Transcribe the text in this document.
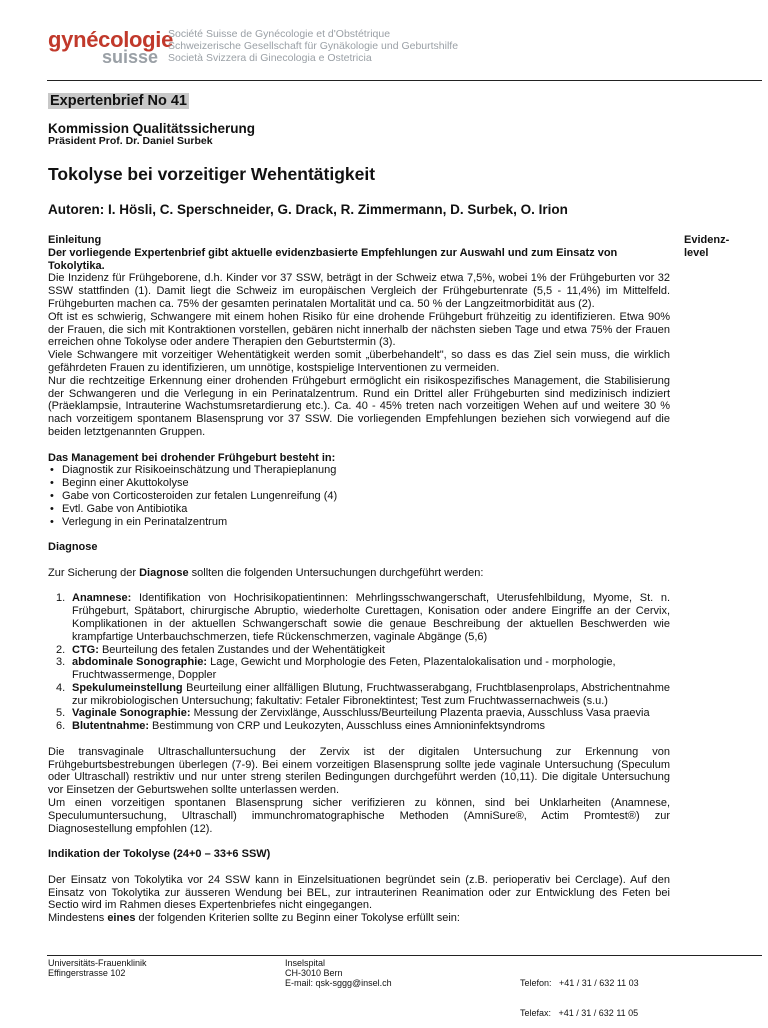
gynécologie
suisse
Société Suisse de Gynécologie et d'Obstétrique
Schweizerische Gesellschaft für Gynäkologie und Geburtshilfe
Società Svizzera di Ginecologia e Ostetricia
Expertenbrief No 41
Kommission Qualitätssicherung
Präsident Prof. Dr. Daniel Surbek
Tokolyse bei vorzeitiger Wehentätigkeit
Autoren: I. Hösli, C. Sperschneider, G. Drack, R. Zimmermann, D. Surbek, O. Irion
Evidenz-level

Einleitung

Der vorliegende Expertenbrief gibt aktuelle evidenzbasierte Empfehlungen zur Auswahl und zum Einsatz von Tokolytika.

Die Inzidenz für Frühgeborene, d.h. Kinder vor 37 SSW, beträgt in der Schweiz etwa 7,5%, wobei 1% der Frühgeburten vor 32 SSW stattfinden (1). Damit liegt die Schweiz im europäischen Vergleich der Frühgeburtenrate (5,5 - 11,4%) im Mittelfeld. Frühgeburten machen ca. 75% der gesamten perinatalen Mortalität und ca. 50 % der Langzeitmorbidität aus (2).

Oft ist es schwierig, Schwangere mit einem hohen Risiko für eine drohende Frühgeburt frühzeitig zu identifizieren. Etwa 90% der Frauen, die sich mit Kontraktionen vorstellen, gebären nicht innerhalb der nächsten sieben Tage und etwa 75% der Frauen erreichen ohne Tokolyse oder andere Therapien den Geburtstermin (3).

Viele Schwangere mit vorzeitiger Wehentätigkeit werden somit „überbehandelt", so dass es das Ziel sein muss, die wirklich gefährdeten Frauen zu identifizieren, um unnötige, kostspielige Interventionen zu vermeiden.

Nur die rechtzeitige Erkennung einer drohenden Frühgeburt ermöglicht ein risikospezifisches Management, die Stabilisierung der Schwangeren und die Verlegung in ein Perinatalzentrum. Rund ein Drittel aller Frühgeburten sind medizinisch indiziert (Präeklampsie, Intrauterine Wachstumsretardierung etc.). Ca. 40 - 45% treten nach vorzeitigen Wehen auf und weitere 30 % nach vorzeitigem spontanem Blasensprung vor 37 SSW. Die vorliegenden Empfehlungen beziehen sich vorwiegend auf die beiden letztgenannten Gruppen.

Das Management bei drohender Frühgeburt besteht in:

• Diagnostik zur Risikoeinschätzung und Therapieplanung
• Beginn einer Akuttokolyse
• Gabe von Corticosteroiden zur fetalen Lungenreifung (4)
• Evtl. Gabe von Antibiotika
• Verlegung in ein Perinatalzentrum

Diagnose

Zur Sicherung der Diagnose sollten die folgenden Untersuchungen durchgeführt werden:

1. Anamnese: Identifikation von Hochrisikopatientinnen: Mehrlingsschwangerschaft, Uterusfehlbildung, Myome, St. n. Frühgeburt, Spätabort, chirurgische Abruptio, wiederholte Curettagen, Konisation oder andere Eingriffe an der Cervix, Komplikationen in der aktuellen Schwangerschaft sowie die genaue Beschreibung der aktuellen Beschwerden wie krampfartige Unterbauchschmerzen, tiefe Rückenschmerzen, vaginale Abgänge (5,6)
2. CTG: Beurteilung des fetalen Zustandes und der Wehentätigkeit
3. abdominale Sonographie: Lage, Gewicht und Morphologie des Feten, Plazentalokalisation und - morphologie, Fruchtwassermenge, Doppler
4. Spekulumeinstellung Beurteilung einer allfälligen Blutung, Fruchtwasserabgang, Fruchtblasenprolaps, Abstrichentnahme zur mikrobiologischen Untersuchung; fakultativ: Fetaler Fibronektintest; Test zum Fruchtwassernachweis (s.u.)
5. Vaginale Sonographie: Messung der Zervixlänge, Ausschluss/Beurteilung Plazenta praevia, Ausschluss Vasa praevia
6. Blutentnahme: Bestimmung von CRP und Leukozyten, Ausschluss eines Amnioninfektsyndroms

Die transvaginale Ultraschalluntersuchung der Zervix ist der digitalen Untersuchung zur Erkennung von Frühgeburtsbestrebungen überlegen (7-9). Bei einem vorzeitigen Blasensprung sollte jede vaginale Untersuchung (Speculum oder Ultraschall) restriktiv und nur unter streng sterilen Bedingungen durchgeführt werden (10,11). Die digitale Untersuchung vor Einsetzen der Geburtswehen sollte unterlassen werden.

Um einen vorzeitigen spontanen Blasensprung sicher verifizieren zu können, sind bei Unklarheiten (Anamnese, Speculumuntersuchung, Ultraschall) immunchromatographische Methoden (AmniSure®, Actim Promtest®) zur Diagnosestellung empfohlen (12).

Indikation der Tokolyse (24+0 – 33+6 SSW)

Der Einsatz von Tokolytika vor 24 SSW kann in Einzelsituationen begründet sein (z.B. perioperativ bei Cerclage). Auf den Einsatz von Tokolytika zur äusseren Wendung bei BEL, zur intrauterinen Reanimation oder zur Entwicklung des Feten bei Sectio wird im Rahmen dieses Expertenbriefes nicht eingegangen.

Mindestens eines der folgenden Kriterien sollte zu Beginn einer Tokolyse erfüllt sein:

Universitäts-Frauenklinik
Effingerstrasse 102
Inselspital
CH-3010 Bern
E-mail: qsk-sggg@insel.ch

	Telefon:   +41 / 31 / 632 11 03

Telefax:   +41 / 31 / 632 11 05
